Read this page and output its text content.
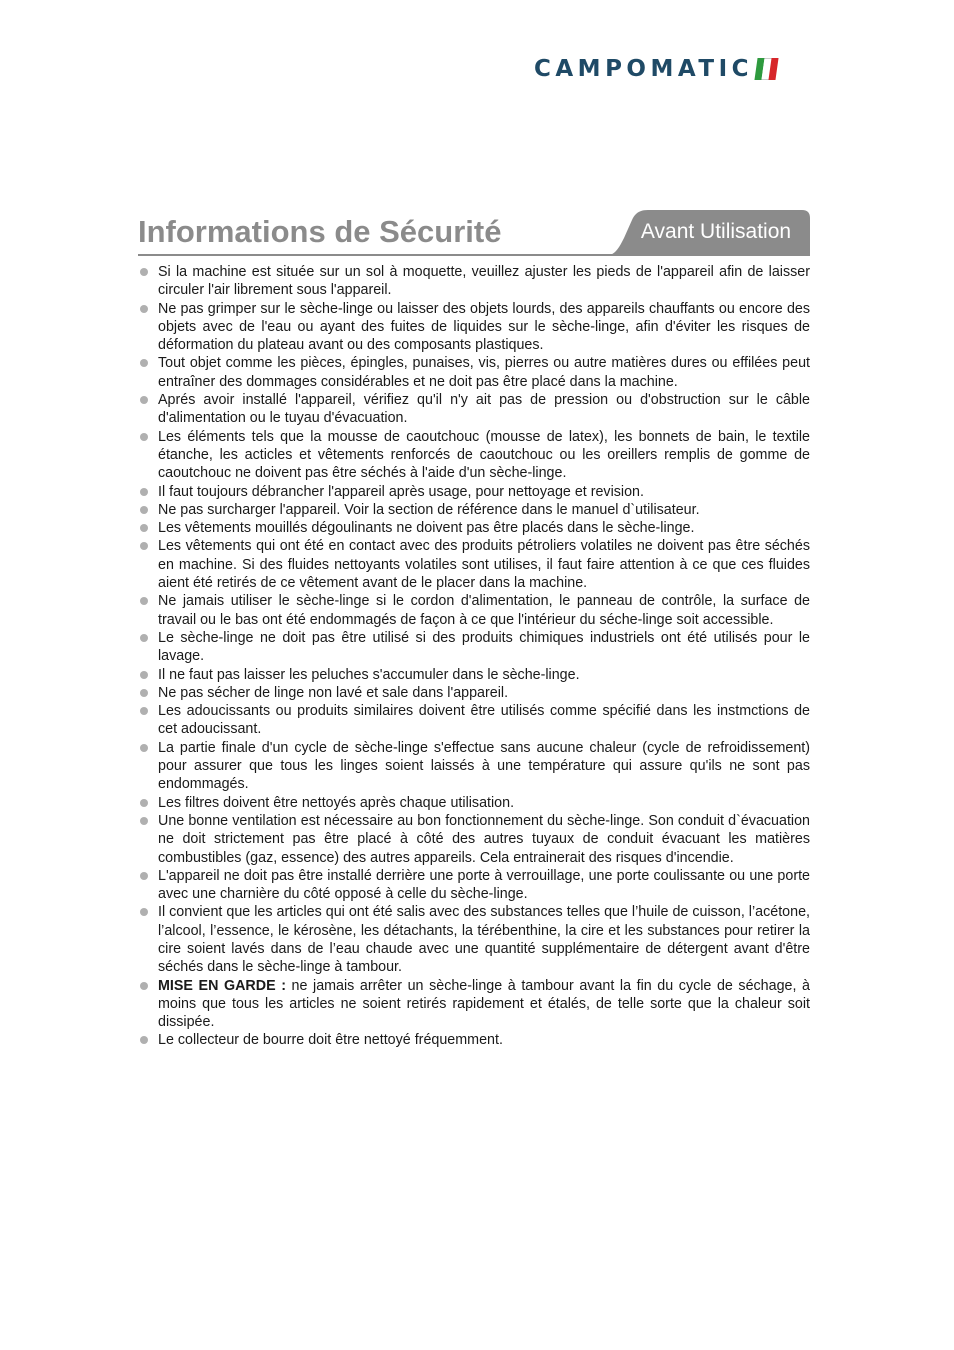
CAMPOMATIC
Informations de Sécurité	Avant Utilisation
Si la machine est située sur un sol à moquette, veuillez ajuster les pieds de l'appareil afin de laisser circuler l'air librement sous l'appareil.
Ne pas grimper sur le sèche-linge ou laisser des objets lourds, des appareils chauffants ou encore des objets avec de l'eau ou ayant des fuites de liquides sur le sèche-linge, afin d'éviter les risques de déformation du plateau avant ou des composants plastiques.
Tout objet comme les pièces, épingles, punaises, vis, pierres ou autre matières dures ou effilées peut entraîner des dommages considérables et ne doit pas être placé dans la machine.
Aprés avoir installé l'appareil, vérifiez qu'il n'y ait pas de pression ou d'obstruction sur le câble d'alimentation ou le tuyau d'évacuation.
Les éléments tels que la mousse de caoutchouc (mousse de latex), les bonnets de bain, le textile étanche, les acticles et vêtements renforcés de caoutchouc ou les oreillers remplis de gomme de caoutchouc ne doivent pas être séchés à l'aide d'un sèche-linge.
Il faut toujours débrancher l'appareil après usage, pour nettoyage et revision.
Ne pas surcharger l'appareil. Voir la section de référence dans le manuel d`utilisateur.
Les vêtements mouillés dégoulinants ne doivent pas être placés dans le sèche-linge.
Les vêtements qui ont été en contact avec des produits pétroliers volatiles ne doivent pas être séchés en machine. Si des fluides nettoyants volatiles sont utilises, il faut faire attention à ce que ces fluides aient été retirés de ce vêtement avant de le placer dans la machine.
Ne jamais utiliser le sèche-linge si le cordon d'alimentation, le panneau de contrôle, la surface de travail ou le bas ont été endommagés de façon à ce que l'intérieur du séche-linge soit accessible.
Le sèche-linge ne doit pas être utilisé si des produits chimiques industriels ont été utilisés pour le lavage.
Il ne faut pas laisser les peluches s'accumuler dans le sèche-linge.
Ne pas sécher de linge non lavé et sale dans l'appareil.
Les adoucissants ou produits similaires doivent être utilisés comme spécifié dans les instmctions de cet adoucissant.
La partie finale d'un cycle de sèche-linge s'effectue sans aucune chaleur (cycle de refroidissement) pour assurer que tous les linges soient laissés à une température qui assure qu'ils ne sont pas endommagés.
Les filtres doivent être nettoyés après chaque utilisation.
Une bonne ventilation est nécessaire au bon fonctionnement du sèche-linge. Son conduit d`évacuation ne doit strictement pas être placé à côté des autres tuyaux de conduit évacuant les matières combustibles (gaz, essence) des autres appareils. Cela entrainerait des risques d'incendie.
L'appareil ne doit pas être installé derrière une porte à verrouillage, une porte coulissante ou une porte avec une charnière du côté opposé à celle du sèche-linge.
Il convient que les articles qui ont été salis avec des substances telles que l’huile de cuisson, l’acétone, l’alcool, l’essence, le kérosène, les détachants, la térébenthine, la cire et les substances pour retirer la cire soient lavés dans de l’eau chaude avec une quantité supplémentaire de détergent avant d'être séchés dans le sèche-linge à tambour.
MISE EN GARDE : ne jamais arrêter un sèche-linge à tambour avant la fin du cycle de séchage, à moins que tous les articles ne soient retirés rapidement et étalés, de telle sorte que la chaleur soit dissipée.
Le collecteur de bourre doit être nettoyé fréquemment.
